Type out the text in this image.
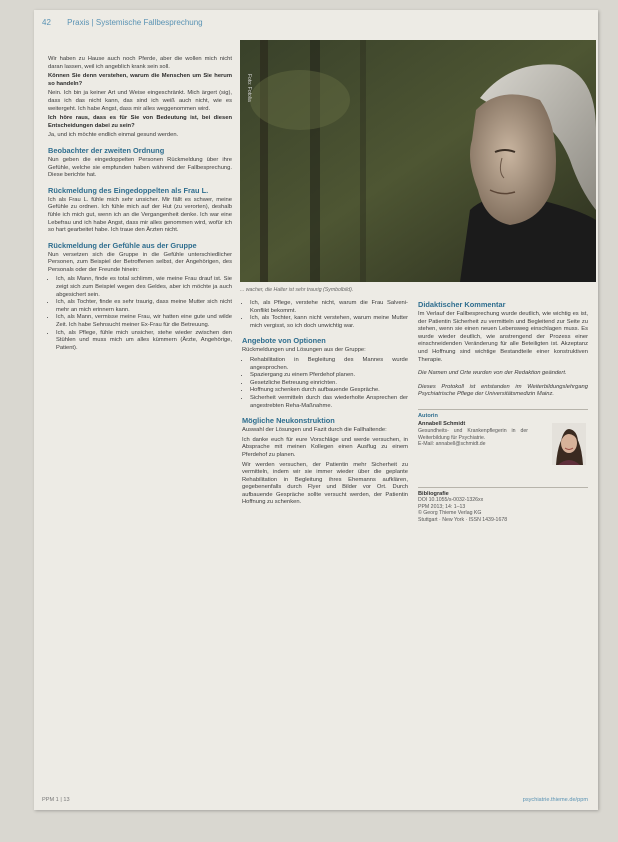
42 Praxis | Systemische Fallbesprechung
Foto: Fotolia
... wacher, die Halter ist sehr traurig (Symbolbild).

Wir haben zu Hause auch noch Pferde, aber die wollen mich nicht daran lassen, weil ich angeblich krank sein soll.

Können Sie denn verstehen, warum die Menschen um Sie herum so handeln?

Nein. Ich bin ja keiner Art und Weise eingeschränkt. Mich ärgert (sig), dass ich das nicht kann, das sind ich weiß auch nicht, wie es weitergeht. Ich habe Angst, dass mir alles weggenommen wird.

Ich höre raus, dass es für Sie von Bedeutung ist, bei diesen Entscheidungen dabei zu sein?

Ja, und ich möchte endlich einmal gesund werden.

Beobachter der zweiten Ordnung

Nun geben die eingedoppelten Personen Rückmeldung über ihre Gefühle, welche sie empfunden haben während der Fallbesprechung. Diese berichte hat.

Rückmeldung des Eingedoppelten als Frau L.

Ich als Frau L. fühle mich sehr unsicher. Mir fällt es schwer, meine Gefühle zu ordnen. Ich fühle mich auf der Hut (zu verorten), deshalb fühle ich mich gut, wenn ich an die Vergangenheit denke. Ich war eine Lebefrau und ich habe Angst, dass mir alles genommen wird, wofür ich so hart gearbeitet habe. Ich traue den Ärzten nicht.

Rückmeldung der Gefühle aus der Gruppe

Nun versetzen sich die Gruppe in die Gefühle unterschiedlicher Personen, zum Beispiel der Betroffenen selbst, der Angehörigen, des Personals oder der Freunde hinein:

• Ich, als Mann, finde es total schlimm, wie meine Frau drauf ist. Sie zeigt sich zum Beispiel wegen des Geldes, aber ich möchte ja auch abgesichert sein.
• Ich, als Tochter, finde es sehr traurig, dass meine Mutter sich nicht mehr an mich erinnern kann.
• Ich, als Mann, vermisse meine Frau, wir hatten eine gute und wilde Zeit. Ich habe Sehnsucht meiner Ex-Frau für die Betreuung.
• Ich, als Pflege, fühle mich unsicher, stehe wieder zwischen den Stühlen und muss mich um alles kümmern (Ärzte, Angehörige, Patient).
• Ich, als Pflege, verstehe nicht, warum die Frau Salveni-Konflikt bekommt.
• Ich, als Tochter, kann nicht verstehen, warum meine Mutter mich vergisst, so ich doch unwichtig war.
Angebote von Optionen

Rückmeldungen und Lösungen aus der Gruppe:

• Rehabilitation in Begleitung des Mannes wurde angesprochen.
• Spaziergang zu einem Pferdehof planen.
• Gesetzliche Betreuung einrichten.
• Hoffnung schenken durch aufbauende Gespräche.
• Sicherheit vermitteln durch das wiederholte Ansprechen der angestrebten Reha-Maßnahme.
Mögliche Neukonstruktion

Auswahl der Lösungen und Fazit durch die Fallhaltende:

Ich danke euch für eure Vorschläge und werde versuchen, in Absprache mit meinen Kollegen einen Ausflug zu einem Pferdehof zu planen.

Wir werden versuchen, der Patientin mehr Sicherheit zu vermitteln, indem wir sie immer wieder über die geplante Rehabilitation in Begleitung ihres Ehemanns aufklären, gegebenenfalls durch Flyer und Bilder vor Ort. Durch aufbauende Gespräche sollte versucht werden, der Patientin Hoffnung zu schenken.

Didaktischer Kommentar

Im Verlauf der Fallbesprechung wurde deutlich, wie wichtig es ist, der Patientin Sicherheit zu vermitteln und Begleitend zur Seite zu stehen, wenn sie einen neuen Lebensweg einschlagen muss. Es wurde wieder deutlich, wie anstrengend der Prozess einer einschneidenden Veränderung für alle Beteiligten ist. Akzeptanz und Hoffnung sind wichtige Bestandteile einer konstruktiven Therapie.

Die Namen und Orte wurden von der Redaktion geändert.

Dieses Protokoll ist entstanden im Weiterbildungslehrgang Psychiatrische Pflege der Universitätsmedizin Mainz.

Autorin
Annabell Schmidt
Gesundheits- und Krankenpflegerin in der Weiterbildung für Psychiatrie.
E-Mail: annabell@schmidt.de
Bibliografie
DOI 10.1055/s-0032-1326xx
PPM 2013; 14: 1–13
© Georg Thieme Verlag KG
Stuttgart · New York · ISSN 1439-1678
PPM 1 | 13	psychiatrie.thieme.de/ppm
